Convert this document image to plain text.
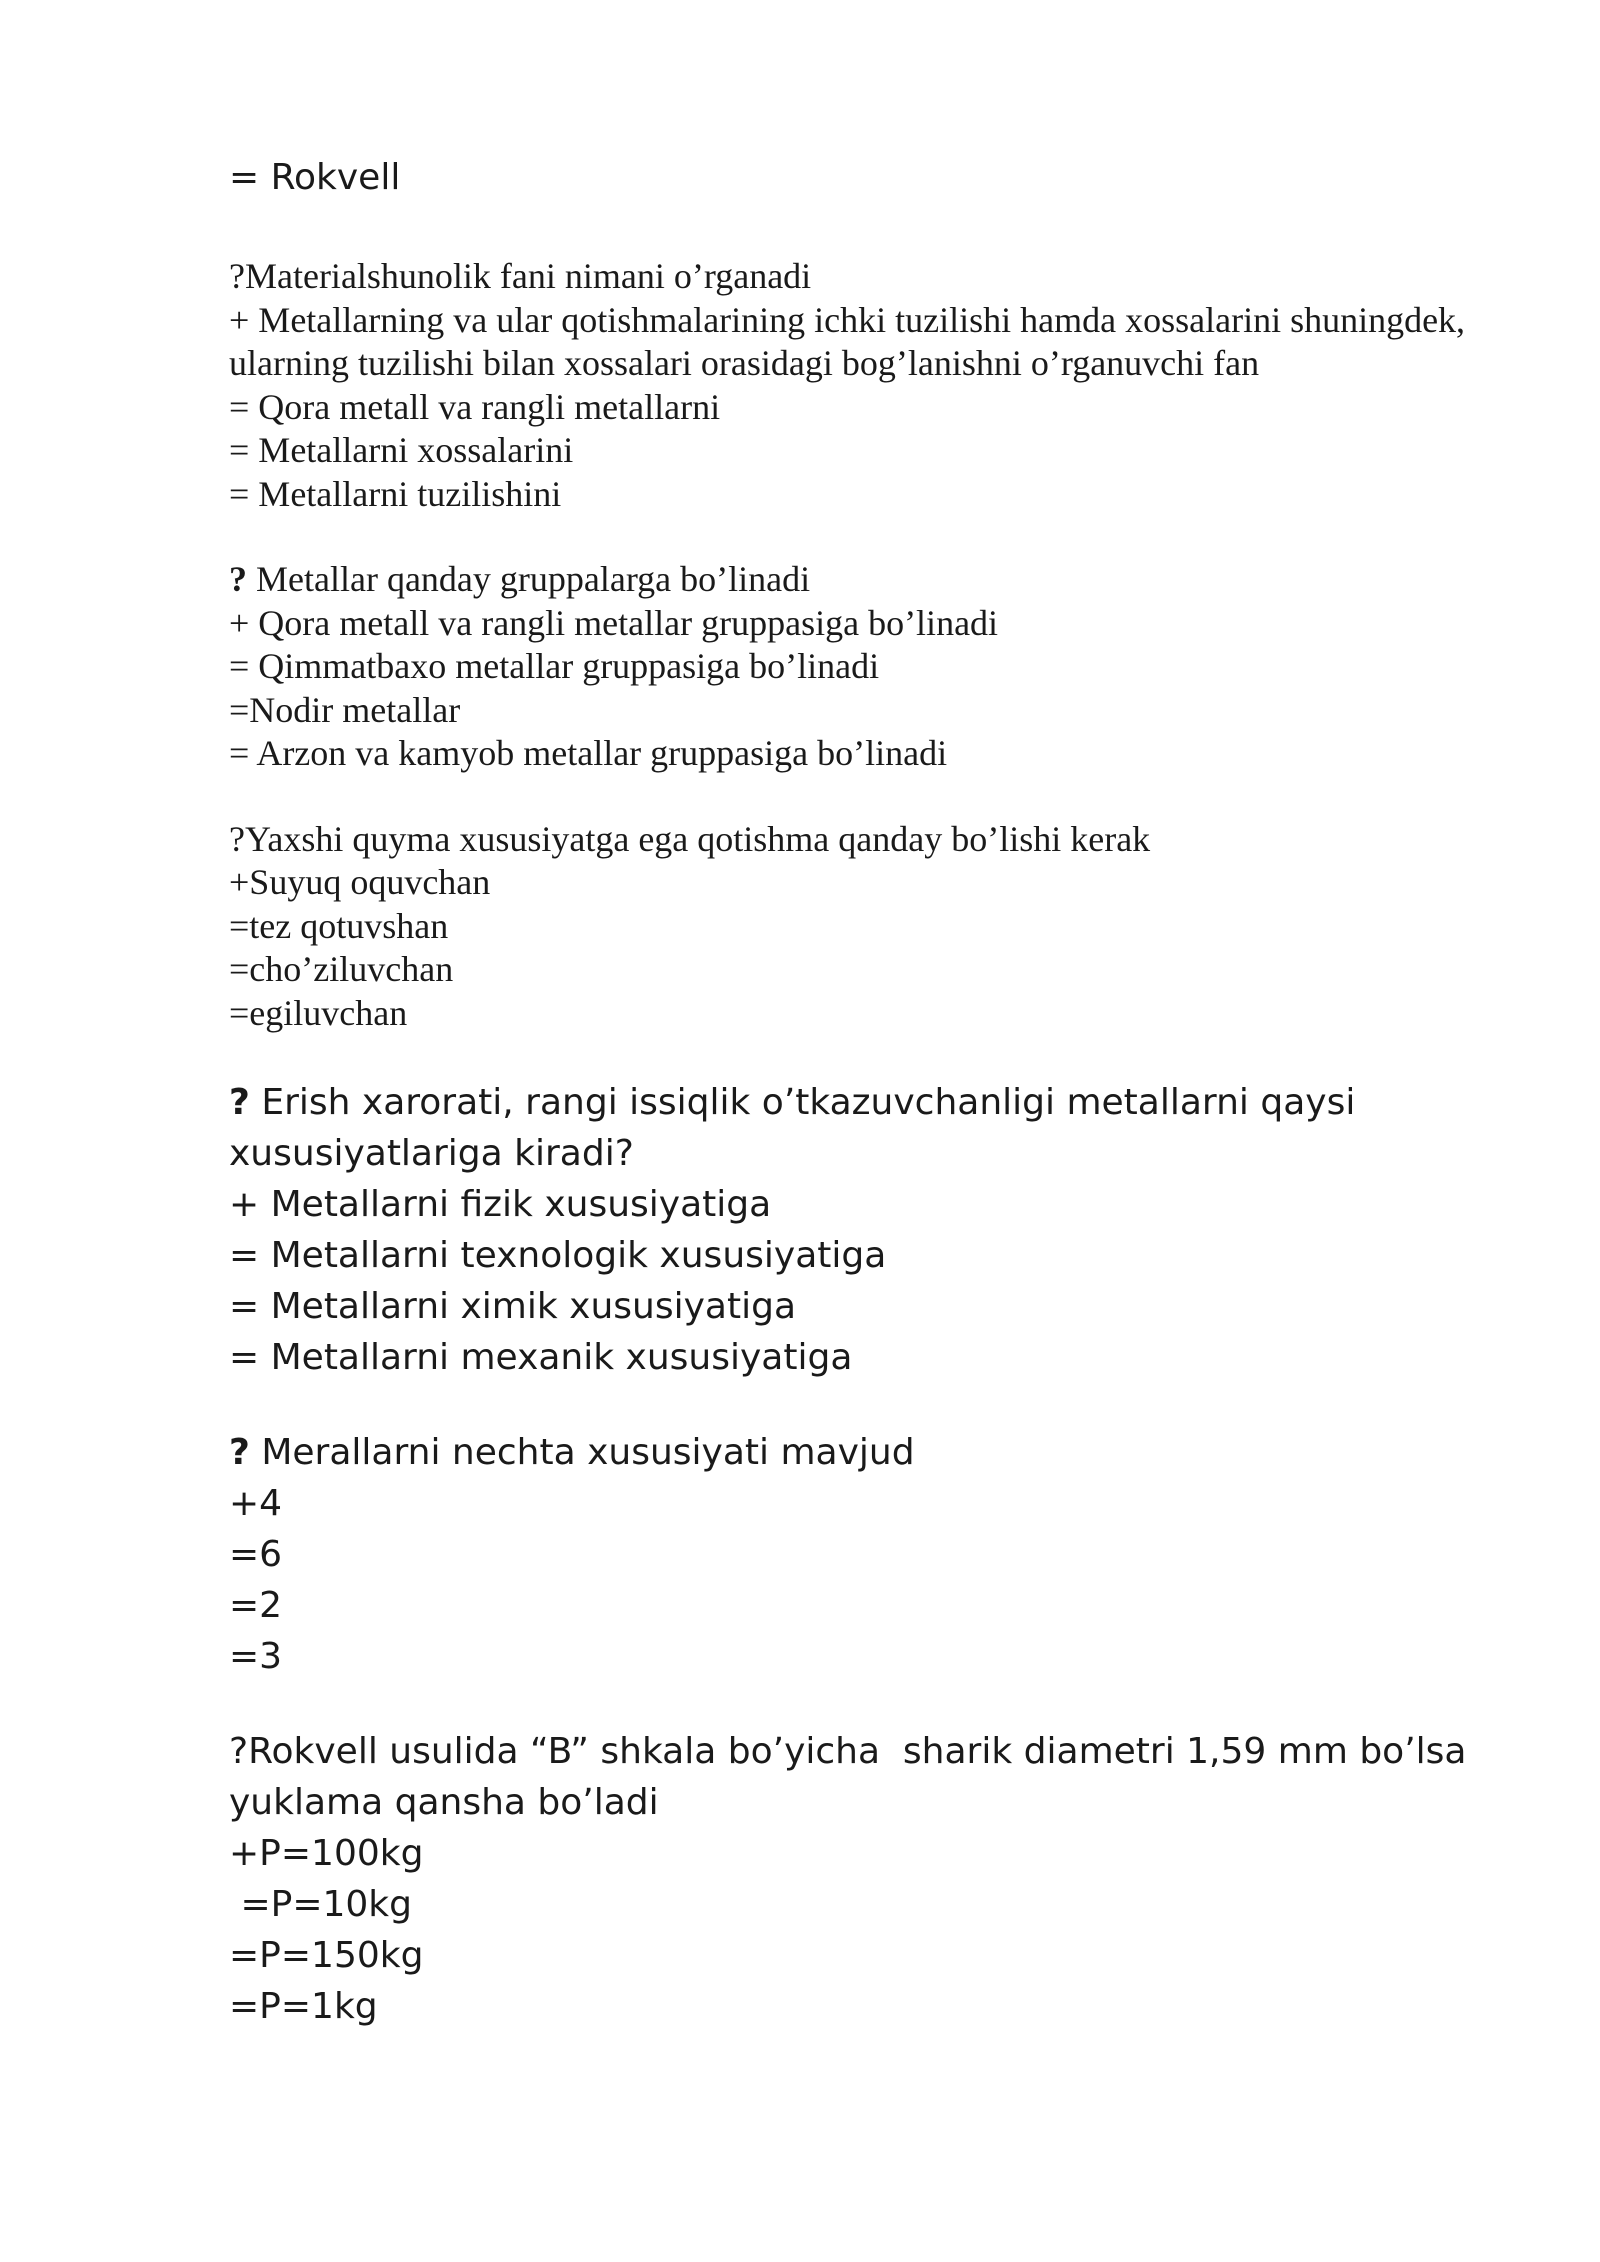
= Rokvell

?Materialshunolik fani nimani o’rganadi

+ Metallarning va ular qotishmalarining ichki tuzilishi hamda xossalarini shuningdek, ularning tuzilishi bilan xossalari orasidagi bog’lanishni o’rganuvchi fan

= Qora metall va rangli metallarni

= Metallarni xossalarini

= Metallarni tuzilishini

? Metallar qanday gruppalarga bo’linadi

+ Qora metall va rangli metallar gruppasiga bo’linadi

= Qimmatbaxo metallar gruppasiga bo’linadi

=Nodir metallar

= Arzon va kamyob metallar gruppasiga bo’linadi

?Yaxshi quyma xususiyatga ega qotishma qanday bo’lishi kerak

+Suyuq oquvchan

=tez qotuvshan

=cho’ziluvchan

=egiluvchan

? Erish xarorati, rangi issiqlik o’tkazuvchanligi metallarni qaysi xususiyatlariga kiradi?

+ Metallarni fizik xususiyatiga

= Metallarni texnologik xususiyatiga

= Metallarni ximik xususiyatiga

= Metallarni mexanik xususiyatiga

? Merallarni nechta xususiyati mavjud

+4

=6

=2

=3

?Rokvell usulida “B” shkala bo’yicha  sharik diametri 1,59 mm bo’lsa yuklama qansha bo’ladi

+P=100kg

=P=10kg

=P=150kg

=P=1kg
